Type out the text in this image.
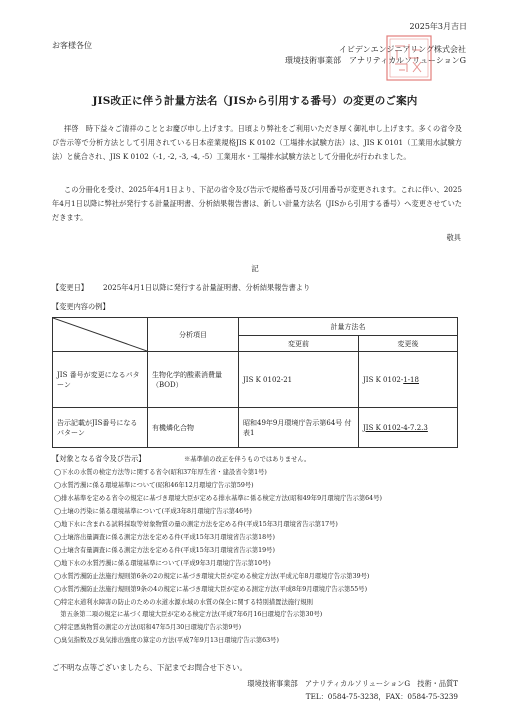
2025年3月吉日
お客様各位	イビデンエンジニアリング株式会社
環境技術事業部　アナリティカルソリューションG
JIS改正に伴う計量方法名（JISから引用する番号）の変更のご案内
拝啓　時下益々ご清祥のこととお慶び申し上げます。日頃より弊社をご利用いただき厚く御礼申し上げます。多くの省令及び告示等で分析方法として引用されている日本産業規格JIS K 0102（工場排水試験方法）は、JIS K 0101（工業用水試験方法）と統合され、JIS K 0102（-1, -2, -3, -4, -5）工業用水・工場排水試験方法として分冊化が行われました。
この分冊化を受け、2025年4月1日より、下記の省令及び告示で規格番号及び引用番号が変更されます。これに伴い、2025年4月1日以降に弊社が発行する計量証明書、分析結果報告書は、新しい計量方法名（JISから引用する番号）へ変更させていただきます。
敬具
記
【変更日】 2025年4月1日以降に発行する計量証明書、分析結果報告書より
【変更内容の例】
	分析項目	計量方法名	
		変更前	変更後
JIS 番号が変更になるパターン	生物化学的酸素消費量（BOD）	JIS K 0102-21	JIS K 0102-1-18
告示記載がJIS番号になるパターン	有機燐化合物	昭和49年9月環境庁告示第64号 付表1	JIS K 0102-4-7.2.3
【対象となる省令及び告示】	※基準値の改正を伴うものではありません。
◯下水の水質の検定方法等に関する省令(昭和37年厚生省・建設省令第1号)
◯水質汚濁に係る環境基準について(昭和46年12月環境庁告示第59号)
◯排水基準を定める省令の規定に基づき環境大臣が定める排水基準に係る検定方法(昭和49年9月環境庁告示第64号)
◯土壌の汚染に係る環境基準について(平成3年8月環境庁告示第46号)
◯地下水に含まれる試料採取等対象物質の量の測定方法を定める件(平成15年3月環境省告示第17号)
◯土壌溶出量調査に係る測定方法を定める件(平成15年3月環境省告示第18号)
◯土壌含有量調査に係る測定方法を定める件(平成15年3月環境省告示第19号)
◯地下水の水質汚濁に係る環境基準について(平成9年3月環境庁告示第10号)
◯水質汚濁防止法施行規則第6条の2の規定に基づき環境大臣が定める検定方法(平成元年8月環境庁告示第39号)
◯水質汚濁防止法施行規則第9条の4の規定に基づき環境大臣が定める測定方法(平成8年9月環境庁告示第55号)
◯特定水道利水障害の防止のための水道水源水域の水質の保全に関する特別措置法施行規則
　第五条第二項の規定に基づく環境大臣が定める検定方法(平成7年6月16日環境庁告示第30号)
◯特定悪臭物質の測定の方法(昭和47年5月30日環境庁告示第9号)
◯臭気指数及び臭気排出強度の算定の方法(平成7年9月13日環境庁告示第63号)
ご不明な点等ございましたら、下記までお問合せ下さい。
環境技術事業部　アナリティカルソリューションG　技術・品質T
TEL：0584-75-3238，FAX：0584-75-3239
